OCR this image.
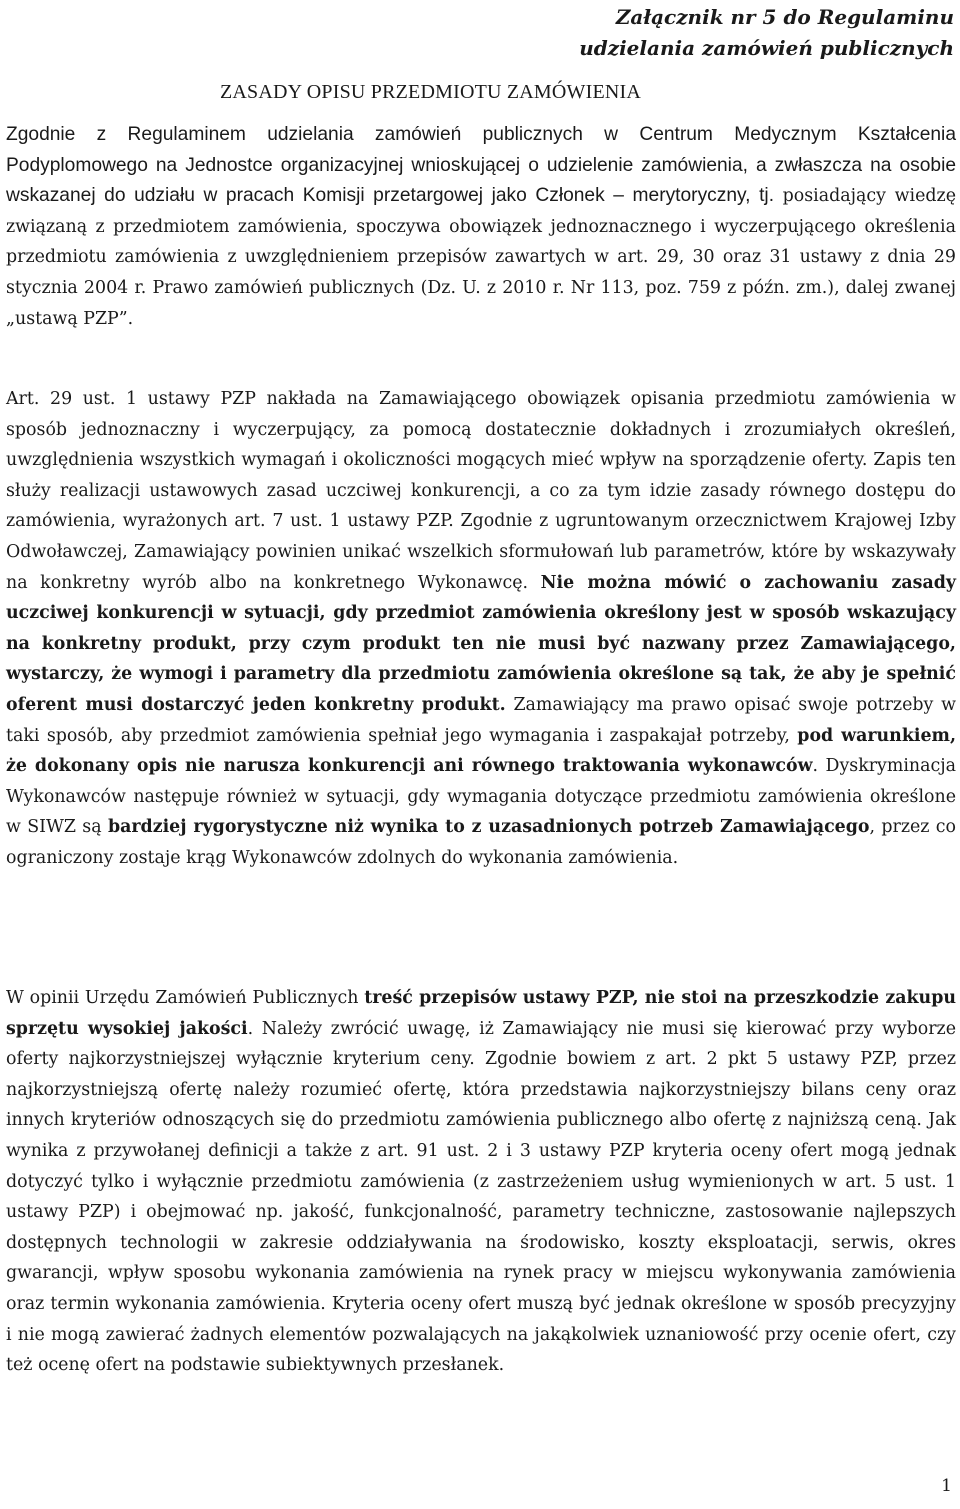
Załącznik nr 5 do Regulaminu
udzielania zamówień publicznych
ZASADY OPISU PRZEDMIOTU ZAMÓWIENIA

Zgodnie z Regulaminem udzielania zamówień publicznych w Centrum Medycznym Kształcenia Podyplomowego na Jednostce organizacyjnej wnioskującej o udzielenie zamówienia, a zwłaszcza na osobie wskazanej do udziału w pracach Komisji przetargowej jako Członek – merytoryczny, tj. posiadający wiedzę związaną z przedmiotem zamówienia, spoczywa obowiązek jednoznacznego i wyczerpującego określenia przedmiotu zamówienia z uwzględnieniem przepisów zawartych w art. 29, 30 oraz 31 ustawy z dnia 29 stycznia 2004 r. Prawo zamówień publicznych (Dz. U. z 2010 r. Nr 113, poz. 759 z późn. zm.), dalej zwanej „ustawą PZP”.

Art. 29 ust. 1 ustawy PZP nakłada na Zamawiającego obowiązek opisania przedmiotu zamówienia w sposób jednoznaczny i wyczerpujący, za pomocą dostatecznie dokładnych i zrozumiałych określeń, uwzględnienia wszystkich wymagań i okoliczności mogących mieć wpływ na sporządzenie oferty. Zapis ten służy realizacji ustawowych zasad uczciwej konkurencji, a co za tym idzie zasady równego dostępu do zamówienia, wyrażonych art. 7 ust. 1 ustawy PZP. Zgodnie z ugruntowanym orzecznictwem Krajowej Izby Odwoławczej, Zamawiający powinien unikać wszelkich sformułowań lub parametrów, które by wskazywały na konkretny wyrób albo na konkretnego Wykonawcę. Nie można mówić o zachowaniu zasady uczciwej konkurencji w sytuacji, gdy przedmiot zamówienia określony jest w sposób wskazujący na konkretny produkt, przy czym produkt ten nie musi być nazwany przez Zamawiającego, wystarczy, że wymogi i parametry dla przedmiotu zamówienia określone są tak, że aby je spełnić oferent musi dostarczyć jeden konkretny produkt. Zamawiający ma prawo opisać swoje potrzeby w taki sposób, aby przedmiot zamówienia spełniał jego wymagania i zaspakajał potrzeby, pod warunkiem, że dokonany opis nie narusza konkurencji ani równego traktowania wykonawców. Dyskryminacja Wykonawców następuje również w sytuacji, gdy wymagania dotyczące przedmiotu zamówienia określone w SIWZ są bardziej rygorystyczne niż wynika to z uzasadnionych potrzeb Zamawiającego, przez co ograniczony zostaje krąg Wykonawców zdolnych do wykonania zamówienia.

W opinii Urzędu Zamówień Publicznych treść przepisów ustawy PZP, nie stoi na przeszkodzie zakupu sprzętu wysokiej jakości. Należy zwrócić uwagę, iż Zamawiający nie musi się kierować przy wyborze oferty najkorzystniejszej wyłącznie kryterium ceny. Zgodnie bowiem z art. 2 pkt 5 ustawy PZP, przez najkorzystniejszą ofertę należy rozumieć ofertę, która przedstawia najkorzystniejszy bilans ceny oraz innych kryteriów odnoszących się do przedmiotu zamówienia publicznego albo ofertę z najniższą ceną. Jak wynika z przywołanej definicji a także z art. 91 ust. 2 i 3 ustawy PZP kryteria oceny ofert mogą jednak dotyczyć tylko i wyłącznie przedmiotu zamówienia (z zastrzeżeniem usług wymienionych w art. 5 ust. 1 ustawy PZP) i obejmować np. jakość, funkcjonalność, parametry techniczne, zastosowanie najlepszych dostępnych technologii w zakresie oddziaływania na środowisko, koszty eksploatacji, serwis, okres gwarancji, wpływ sposobu wykonania zamówienia na rynek pracy w miejscu wykonywania zamówienia oraz termin wykonania zamówienia. Kryteria oceny ofert muszą być jednak określone w sposób precyzyjny i nie mogą zawierać żadnych elementów pozwalających na jakąkolwiek uznaniowość przy ocenie ofert, czy też ocenę ofert na podstawie subiektywnych przesłanek.

1
